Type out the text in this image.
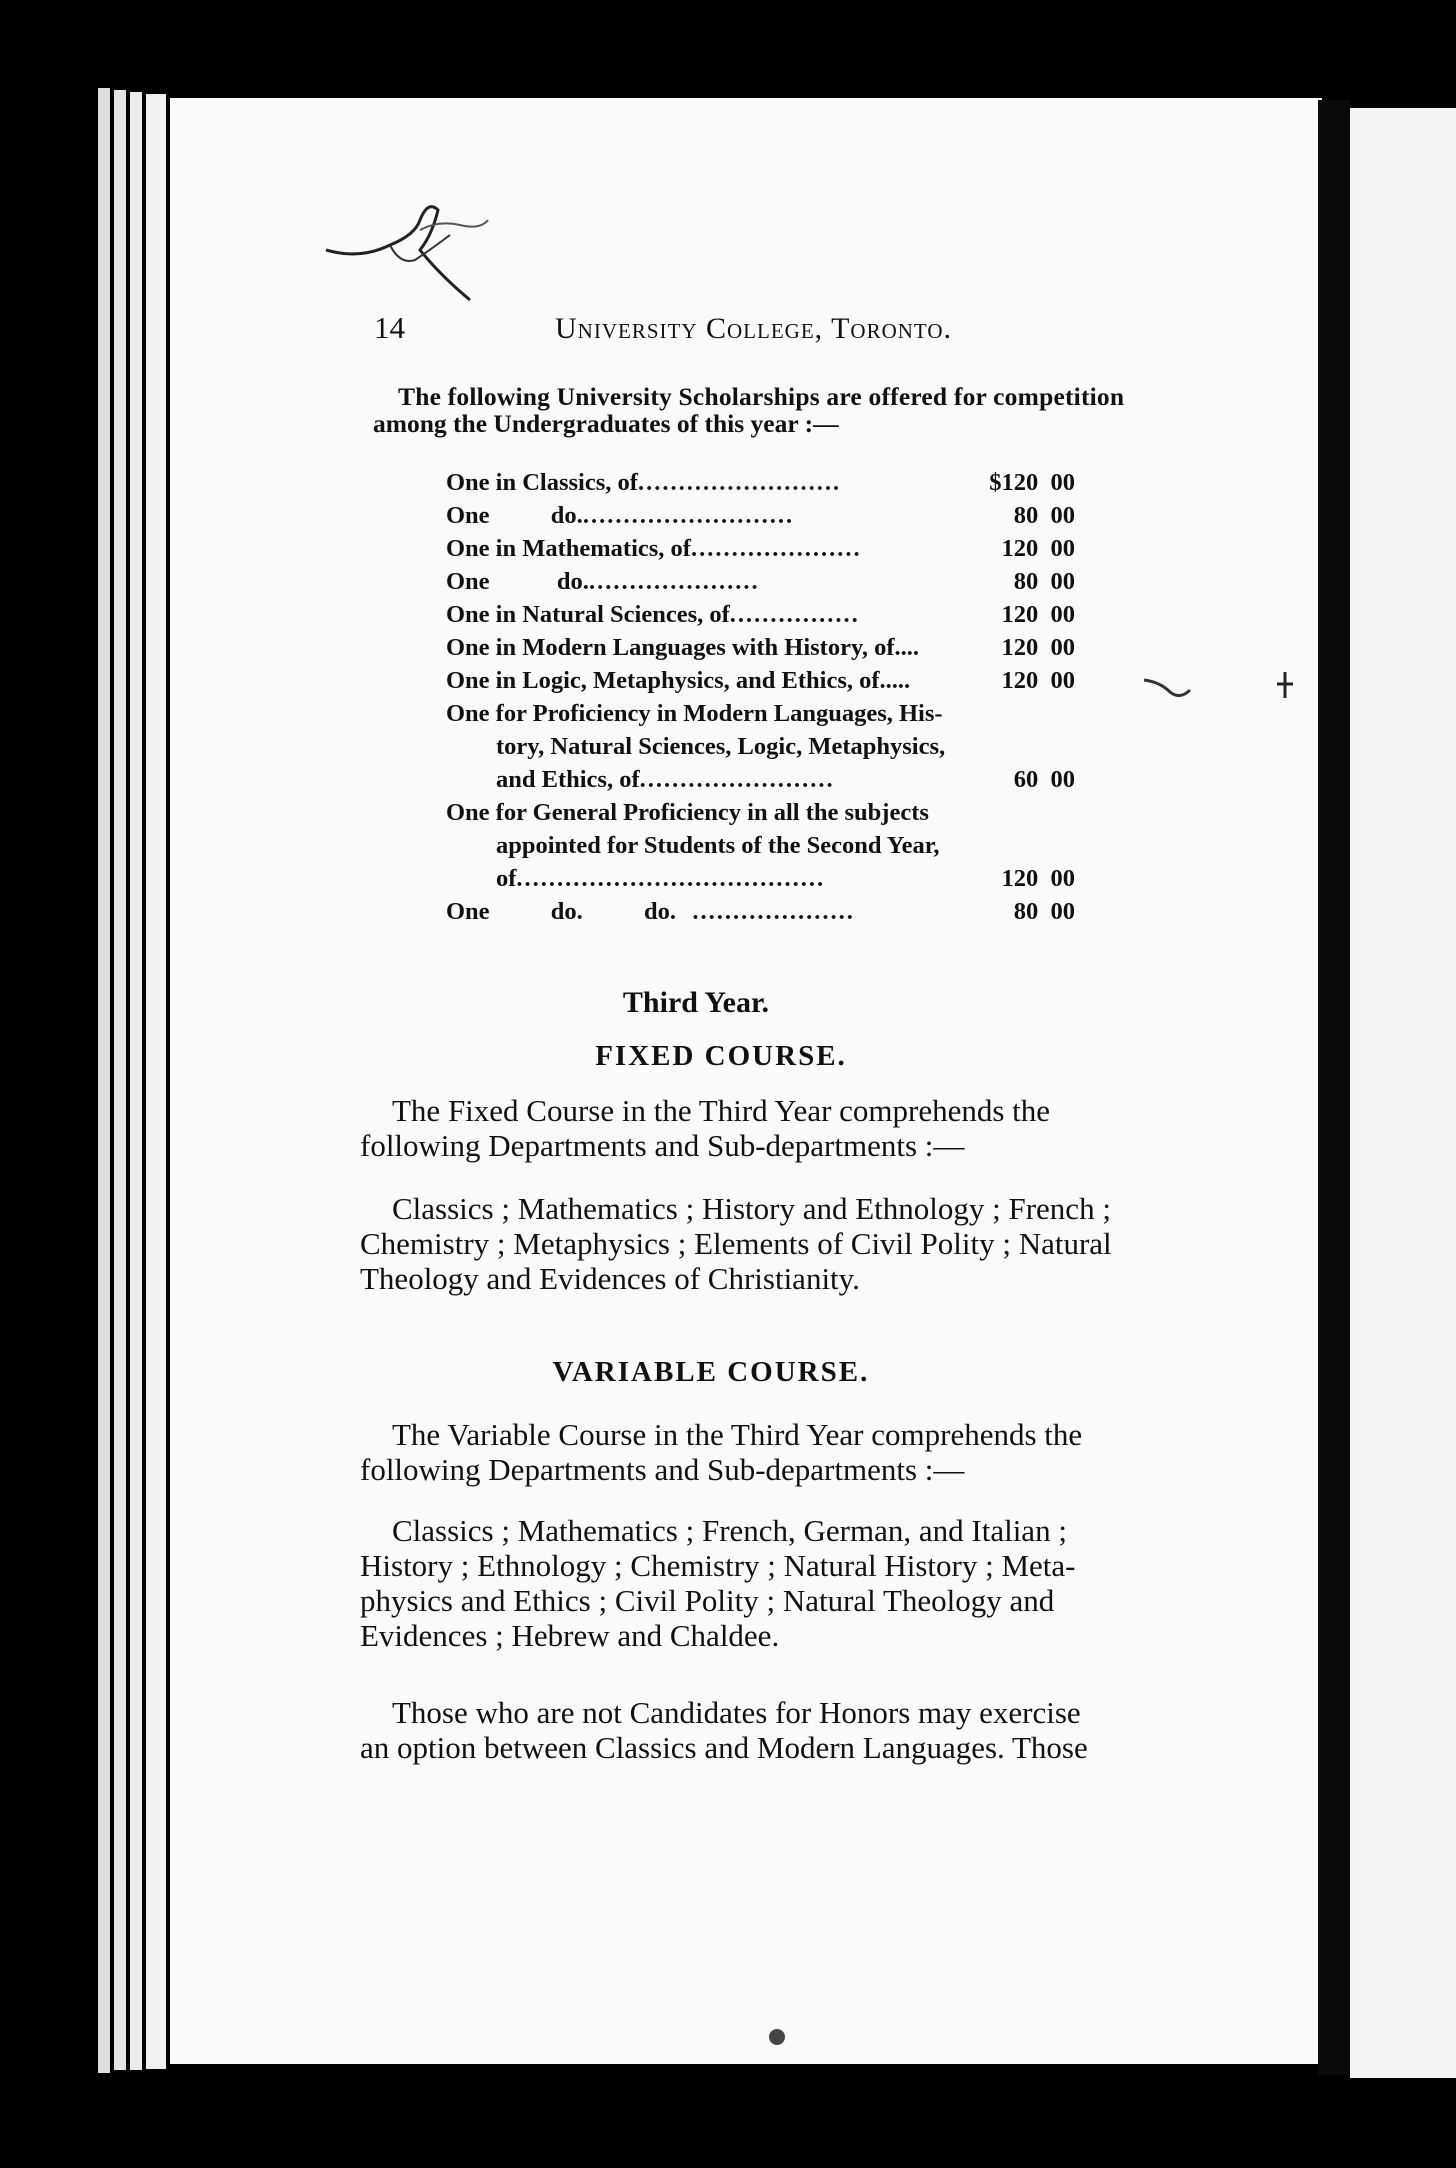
14	University College, Toronto.
The following University Scholarships are offered for competition
among the Undergraduates of this year :—
One in Classics, of.........................	$120  00
One          do...........................	80  00
One in Mathematics, of.....................	120  00
One           do......................	80  00
One in Natural Sciences, of................	120  00
One in Modern Languages with History, of....	120  00
One in Logic, Metaphysics, and Ethics, of.....	120  00
One for Proficiency in Modern Languages, His-
tory, Natural Sciences, Logic, Metaphysics,
and Ethics, of........................	60  00
One for General Proficiency in all the subjects
appointed for Students of the Second Year,
of......................................	120  00
One          do.          do.  ....................	80  00
Third Year.
FIXED COURSE.
The Fixed Course in the Third Year comprehends the
following Departments and Sub-departments :—
Classics ; Mathematics ; History and Ethnology ; French ;
Chemistry ; Metaphysics ; Elements of Civil Polity ; Natural
Theology and Evidences of Christianity.
VARIABLE COURSE.
The Variable Course in the Third Year comprehends the
following Departments and Sub-departments :—
Classics ; Mathematics ; French, German, and Italian ;
History ; Ethnology ; Chemistry ; Natural History ; Meta-
physics and Ethics ; Civil Polity ; Natural Theology and
Evidences ; Hebrew and Chaldee.
Those who are not Candidates for Honors may exercise
an option between Classics and Modern Languages. Those
